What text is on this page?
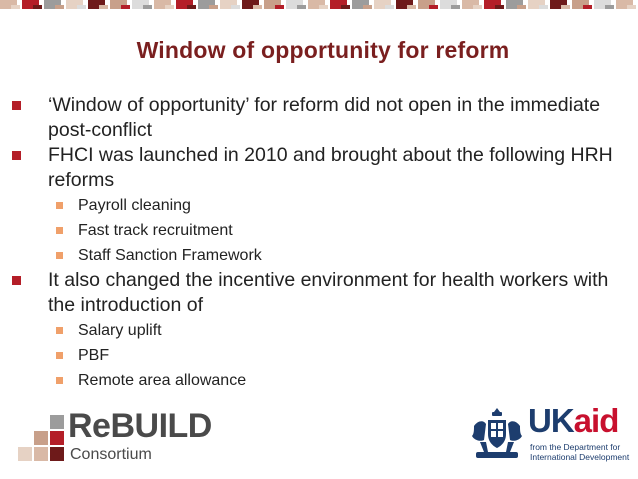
Window of opportunity for reform
‘Window of opportunity’ for reform did not open in the immediate post-conflict
FHCI was launched in 2010 and brought about the following HRH reforms
Payroll cleaning
Fast track recruitment
Staff Sanction Framework
It also changed the incentive environment for health workers with the introduction of
Salary uplift
PBF
Remote area allowance
ReBUILD
Consortium
UKaid
from the Department for International Development
